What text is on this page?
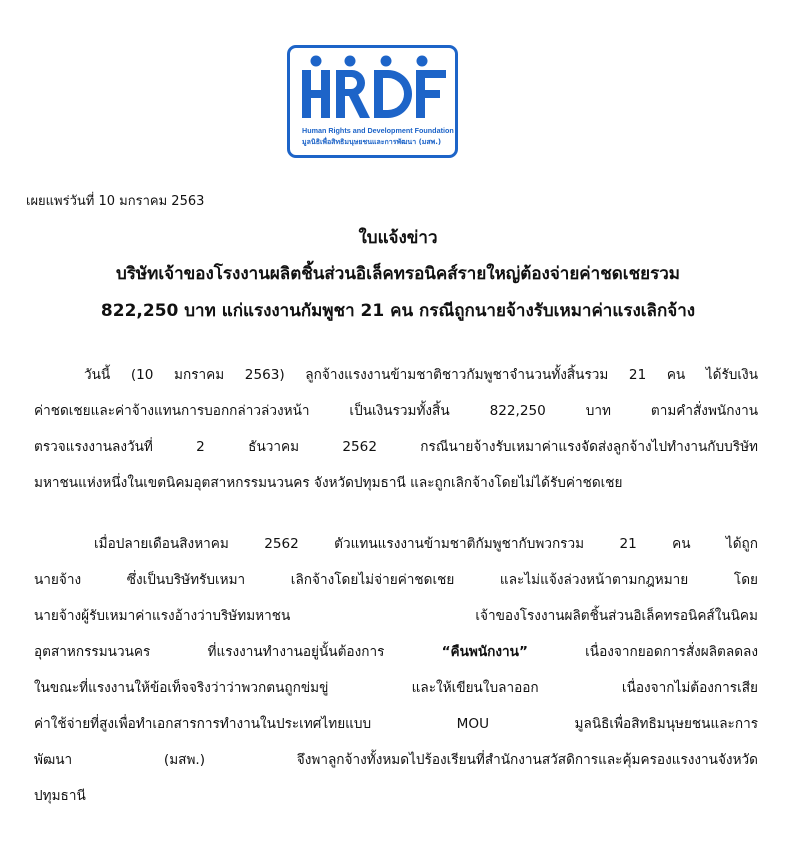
Human Rights and Development Foundation
มูลนิธิเพื่อสิทธิมนุษยชนและการพัฒนา (มสพ.)
เผยแพร่วันที่ 10 มกราคม 2563
ใบแจ้งข่าว
บริษัทเจ้าของโรงงานผลิตชิ้นส่วนอิเล็คทรอนิคส์รายใหญ่ต้องจ่ายค่าชดเชยรวม
822,250 บาท แก่แรงงานกัมพูชา 21 คน กรณีถูกนายจ้างรับเหมาค่าแรงเลิกจ้าง
วันนี้ (10 มกราคม 2563) ลูกจ้างแรงงานข้ามชาติชาวกัมพูชาจำนวนทั้งสิ้นรวม 21 คน ได้รับเงิน
ค่าชดเชยและค่าจ้างแทนการบอกกล่าวล่วงหน้า เป็นเงินรวมทั้งสิ้น 822,250 บาท ตามคำสั่งพนักงาน
ตรวจแรงงานลงวันที่ 2 ธันวาคม 2562 กรณีนายจ้างรับเหมาค่าแรงจัดส่งลูกจ้างไปทำงานกับบริษัท
มหาชนแห่งหนึ่งในเขตนิคมอุตสาหกรรมนวนคร จังหวัดปทุมธานี และถูกเลิกจ้างโดยไม่ได้รับค่าชดเชย
เมื่อปลายเดือนสิงหาคม 2562 ตัวแทนแรงงานข้ามชาติกัมพูชากับพวกรวม 21 คน ได้ถูก
นายจ้าง ซึ่งเป็นบริษัทรับเหมา เลิกจ้างโดยไม่จ่ายค่าชดเชย และไม่แจ้งล่วงหน้าตามกฎหมาย โดย
นายจ้างผู้รับเหมาค่าแรงอ้างว่าบริษัทมหาชน เจ้าของโรงงานผลิตชิ้นส่วนอิเล็คทรอนิคส์ในนิคม
อุตสาหกรรมนวนคร ที่แรงงานทำงานอยู่นั้นต้องการ “คืนพนักงาน” เนื่องจากยอดการสั่งผลิตลดลง
ในขณะที่แรงงานให้ข้อเท็จจริงว่าว่าพวกตนถูกข่มขู่ และให้เขียนใบลาออก เนื่องจากไม่ต้องการเสีย
ค่าใช้จ่ายที่สูงเพื่อทำเอกสารการทำงานในประเทศไทยแบบ MOU มูลนิธิเพื่อสิทธิมนุษยชนและการ
พัฒนา (มสพ.) จึงพาลูกจ้างทั้งหมดไปร้องเรียนที่สำนักงานสวัสดิการและคุ้มครองแรงงานจังหวัด
ปทุมธานี
